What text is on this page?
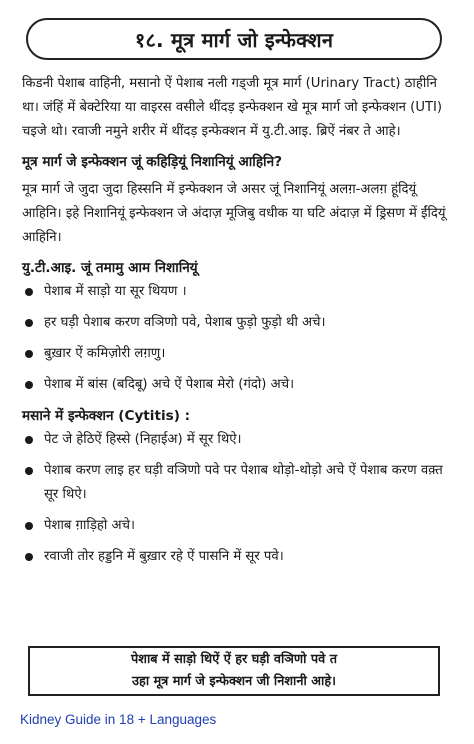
१८. मूत्र मार्ग जो इन्फेक्शन

किडनी पेशाब वाहिनी, मसानो ऐं पेशाब नली गड्जी मूत्र मार्ग (Urinary Tract) ठाहीनि था। जंहिं में बेक्टेरिया या वाइरस वसीले थींदड़ इन्फेक्शन खे मूत्र मार्ग जो इन्फेक्शन (UTI) चइजे थो। रवाजी नमुने शरीर में थींदड़ इन्फेक्शन में यु.टी.आइ. ब्रिऐं नंबर ते आहे।

मूत्र मार्ग जे इन्फेक्शन जूं कहिड़ियूं निशानियूं आहिनि?

मूत्र मार्ग जे जुदा जुदा हिस्सनि में इन्फेक्शन जे असर जूं निशानियूं अलग़-अलग़ हूंदियूं आहिनि। इहे निशानियूं इन्फेक्शन जे अंदाज़ मूजिबु वधीक या घटि अंदाज़ में ड्रिसण में ईंदियूं आहिनि।

यु.टी.आइ. जूं तमामु आम निशानियूं

पेशाब में साड़ो या सूर थियण ।
हर घड़ी पेशाब करण वञिणो पवे, पेशाब फुड़ो फुड़ो थी अचे।
बुख़ार ऐं कमिज़ोरी लग़णु।
पेशाब में बांस (बदिबू) अचे ऐं पेशाब मेरो (गंदो) अचे।

मसाने में इन्फेक्शन (Cytitis) :

पेट जे हेठिऐं हिस्से (निहाईअ) में सूर थिऐ।
पेशाब करण लाइ हर घड़ी वञिणो पवे पर पेशाब थोड़ो-थोड़ो अचे ऐं पेशाब करण वक़्त सूर थिऐ।
पेशाब ग़ाड़िहो अचे।
रवाजी तोर हड्डनि में बुख़ार रहे ऐं पासनि में सूर पवे।
पेशाब में साड़ो थिऐं ऐं हर घड़ी वञिणो पवे त
उहा मूत्र मार्ग जे इन्फेक्शन जी निशानी आहे।
Kidney Guide in 18 + Languages
